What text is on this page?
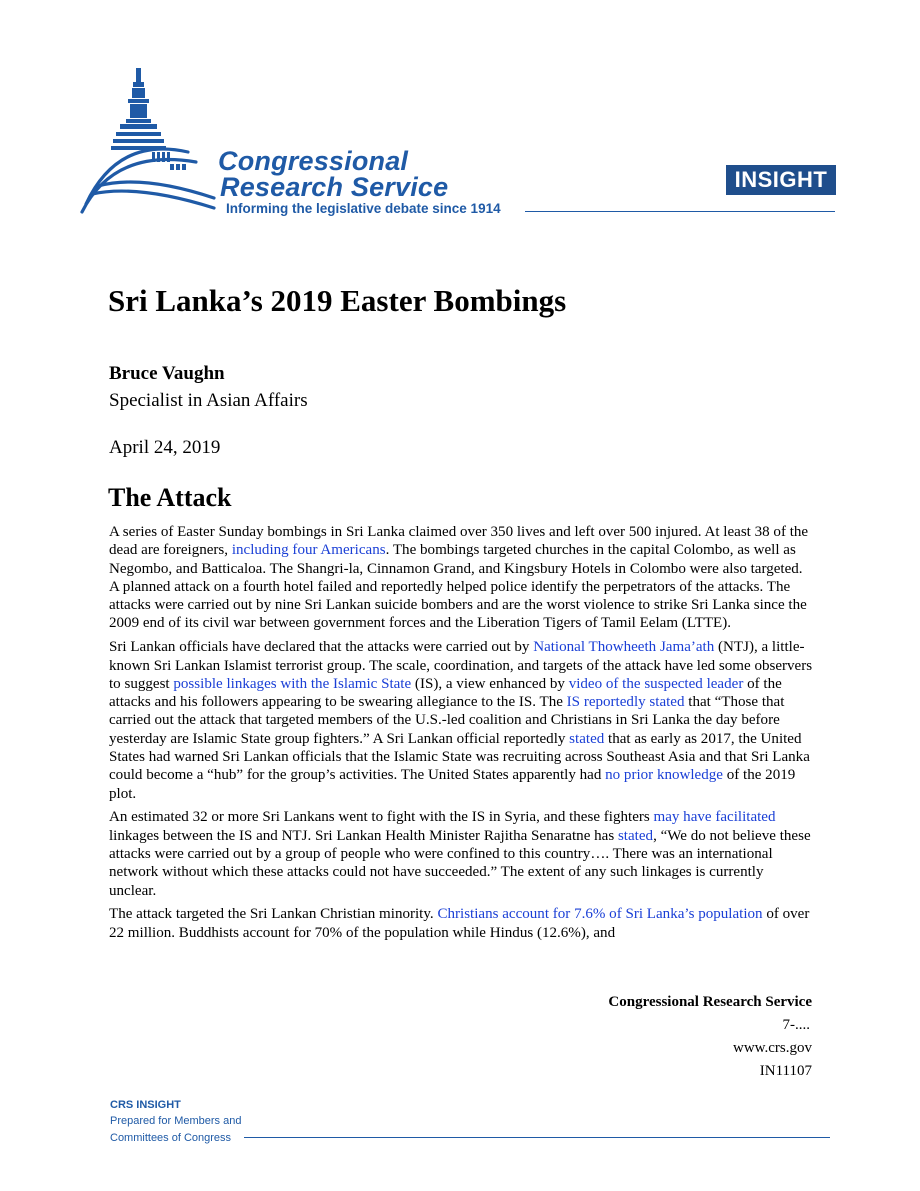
Congressional
Research Service
Informing the legislative debate since 1914
INSIGHT
Sri Lanka’s 2019 Easter Bombings
Bruce Vaughn
Specialist in Asian Affairs
April 24, 2019
The Attack

A series of Easter Sunday bombings in Sri Lanka claimed over 350 lives and left over 500 injured. At least 38 of the dead are foreigners, including four Americans. The bombings targeted churches in the capital Colombo, as well as Negombo, and Batticaloa. The Shangri-la, Cinnamon Grand, and Kingsbury Hotels in Colombo were also targeted. A planned attack on a fourth hotel failed and reportedly helped police identify the perpetrators of the attacks. The attacks were carried out by nine Sri Lankan suicide bombers and are the worst violence to strike Sri Lanka since the 2009 end of its civil war between government forces and the Liberation Tigers of Tamil Eelam (LTTE).

Sri Lankan officials have declared that the attacks were carried out by National Thowheeth Jama’ath (NTJ), a little-known Sri Lankan Islamist terrorist group. The scale, coordination, and targets of the attack have led some observers to suggest possible linkages with the Islamic State (IS), a view enhanced by video of the suspected leader of the attacks and his followers appearing to be swearing allegiance to the IS. The IS reportedly stated that “Those that carried out the attack that targeted members of the U.S.-led coalition and Christians in Sri Lanka the day before yesterday are Islamic State group fighters.” A Sri Lankan official reportedly stated that as early as 2017, the United States had warned Sri Lankan officials that the Islamic State was recruiting across Southeast Asia and that Sri Lanka could become a “hub” for the group’s activities. The United States apparently had no prior knowledge of the 2019 plot.

An estimated 32 or more Sri Lankans went to fight with the IS in Syria, and these fighters may have facilitated linkages between the IS and NTJ. Sri Lankan Health Minister Rajitha Senaratne has stated, “We do not believe these attacks were carried out by a group of people who were confined to this country…. There was an international network without which these attacks could not have succeeded.” The extent of any such linkages is currently unclear.

The attack targeted the Sri Lankan Christian minority. Christians account for 7.6% of Sri Lanka’s population of over 22 million. Buddhists account for 70% of the population while Hindus (12.6%), and

Congressional Research Service
7-....
www.crs.gov
IN11107
CRS INSIGHT
Prepared for Members and
Committees of Congress
